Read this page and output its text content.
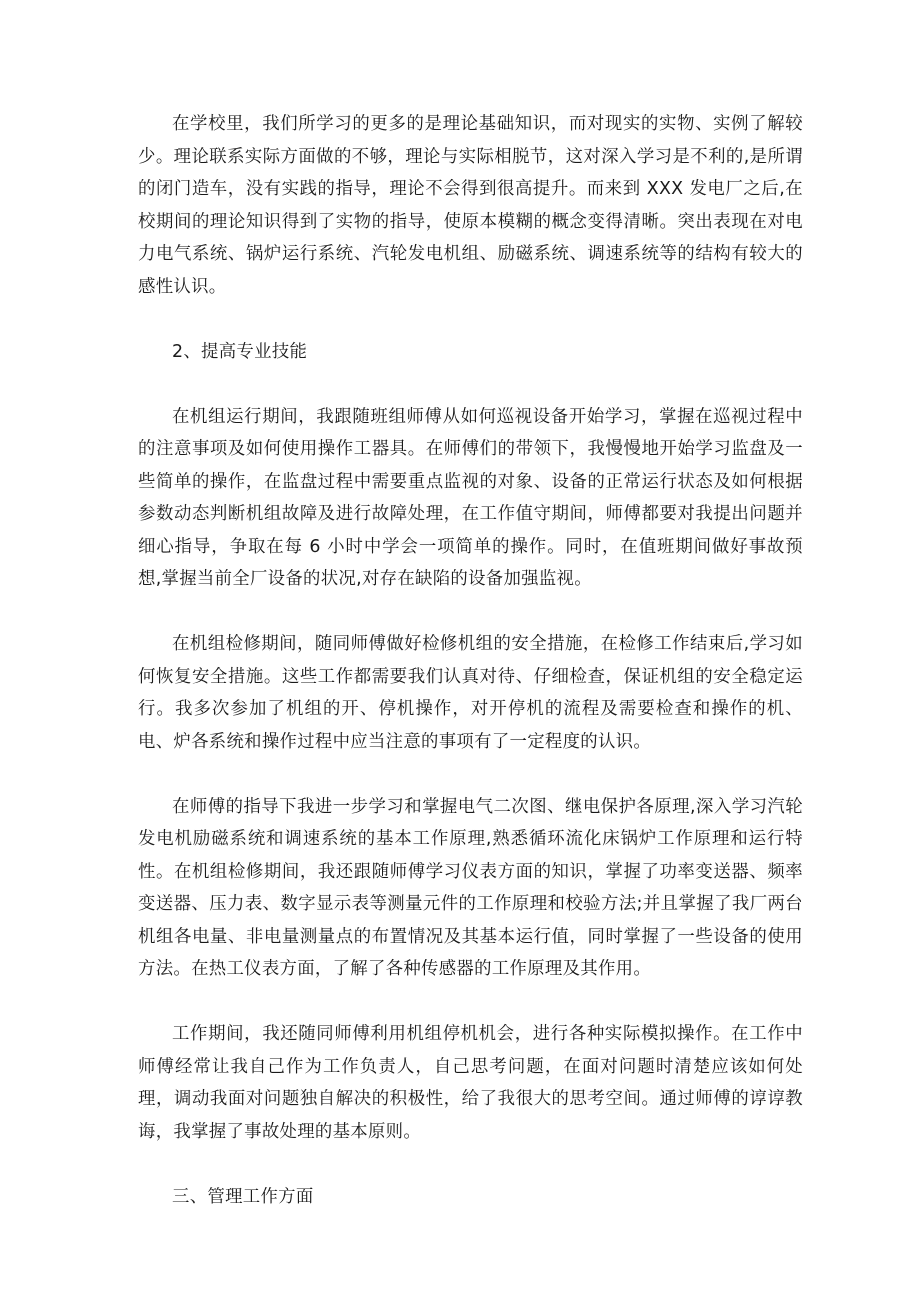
在学校里，我们所学习的更多的是理论基础知识，而对现实的实物、实例了解较少。理论联系实际方面做的不够，理论与实际相脱节，这对深入学习是不利的,是所谓的闭门造车，没有实践的指导，理论不会得到很高提升。而来到 XXX 发电厂之后,在校期间的理论知识得到了实物的指导，使原本模糊的概念变得清晰。突出表现在对电力电气系统、锅炉运行系统、汽轮发电机组、励磁系统、调速系统等的结构有较大的感性认识。

2、提高专业技能

在机组运行期间，我跟随班组师傅从如何巡视设备开始学习，掌握在巡视过程中的注意事项及如何使用操作工器具。在师傅们的带领下，我慢慢地开始学习监盘及一些简单的操作，在监盘过程中需要重点监视的对象、设备的正常运行状态及如何根据参数动态判断机组故障及进行故障处理，在工作值守期间，师傅都要对我提出问题并细心指导，争取在每 6 小时中学会一项简单的操作。同时，在值班期间做好事故预想,掌握当前全厂设备的状况,对存在缺陷的设备加强监视。

在机组检修期间，随同师傅做好检修机组的安全措施，在检修工作结束后,学习如何恢复安全措施。这些工作都需要我们认真对待、仔细检查，保证机组的安全稳定运行。我多次参加了机组的开、停机操作，对开停机的流程及需要检查和操作的机、电、炉各系统和操作过程中应当注意的事项有了一定程度的认识。

在师傅的指导下我进一步学习和掌握电气二次图、继电保护各原理,深入学习汽轮发电机励磁系统和调速系统的基本工作原理,熟悉循环流化床锅炉工作原理和运行特性。在机组检修期间，我还跟随师傅学习仪表方面的知识，掌握了功率变送器、频率变送器、压力表、数字显示表等测量元件的工作原理和校验方法;并且掌握了我厂两台机组各电量、非电量测量点的布置情况及其基本运行值，同时掌握了一些设备的使用方法。在热工仪表方面，了解了各种传感器的工作原理及其作用。

工作期间，我还随同师傅利用机组停机机会，进行各种实际模拟操作。在工作中师傅经常让我自己作为工作负责人，自己思考问题，在面对问题时清楚应该如何处理，调动我面对问题独自解决的积极性，给了我很大的思考空间。通过师傅的谆谆教诲，我掌握了事故处理的基本原则。

三、管理工作方面
